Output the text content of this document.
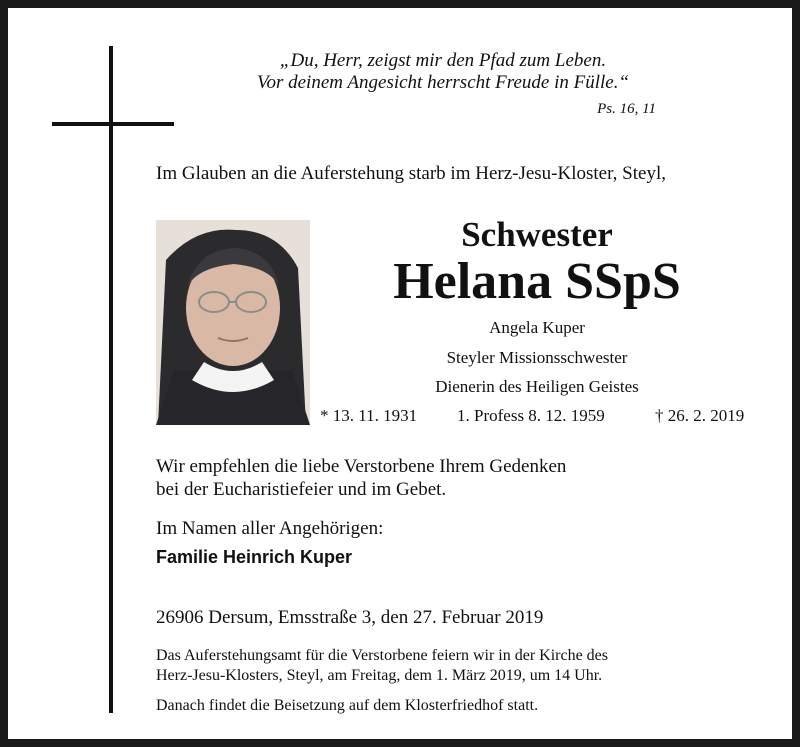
„Du, Herr, zeigst mir den Pfad zum Leben.
Vor deinem Angesicht herrscht Freude in Fülle.“
Ps. 16, 11
Im Glauben an die Auferstehung starb im Herz-Jesu-Kloster, Steyl,
Schwester
Helana SSpS
Angela Kuper
Steyler Missionsschwester
Dienerin des Heiligen Geistes
* 13. 11. 1931 1. Profess 8. 12. 1959	† 26. 2. 2019
Wir empfehlen die liebe Verstorbene Ihrem Gedenken
bei der Eucharistiefeier und im Gebet.
Im Namen aller Angehörigen:
Familie Heinrich Kuper
26906 Dersum, Emsstraße 3, den 27. Februar 2019
Das Auferstehungsamt für die Verstorbene feiern wir in der Kirche des
Herz-Jesu-Klosters, Steyl, am Freitag, dem 1. März 2019, um 14 Uhr.
Danach findet die Beisetzung auf dem Klosterfriedhof statt.
